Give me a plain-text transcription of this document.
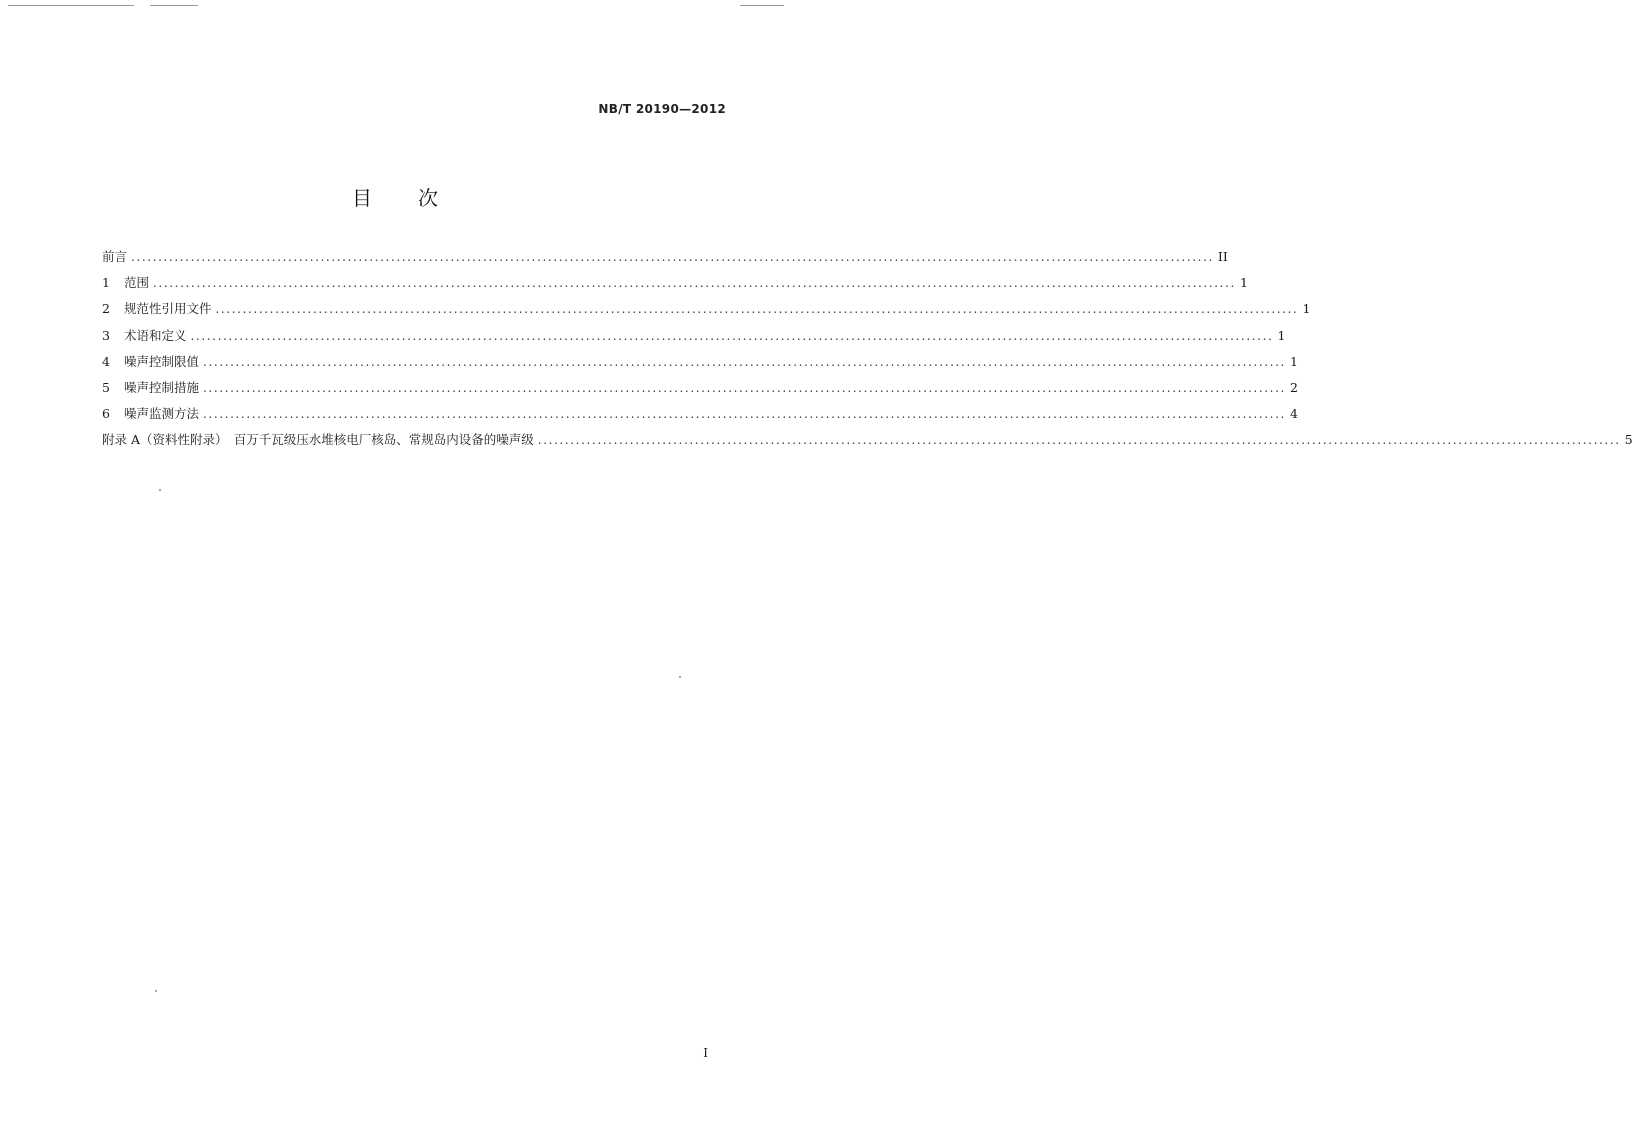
NB/T 20190—2012
目 次
前言 ........................................................................................................................................................................................................ II
1	范围 ........................................................................................................................................................................................................ 1
2	规范性引用文件 ........................................................................................................................................................................................................ 1
3	术语和定义 ........................................................................................................................................................................................................ 1
4	噪声控制限值 ........................................................................................................................................................................................................ 1
5	噪声控制措施 ........................................................................................................................................................................................................ 2
6	噪声监测方法 ........................................................................................................................................................................................................ 4
附录 A（资料性附录）　百万千瓦级压水堆核电厂核岛、常规岛内设备的噪声级 ........................................................................................................................................................................................................ 5
I
